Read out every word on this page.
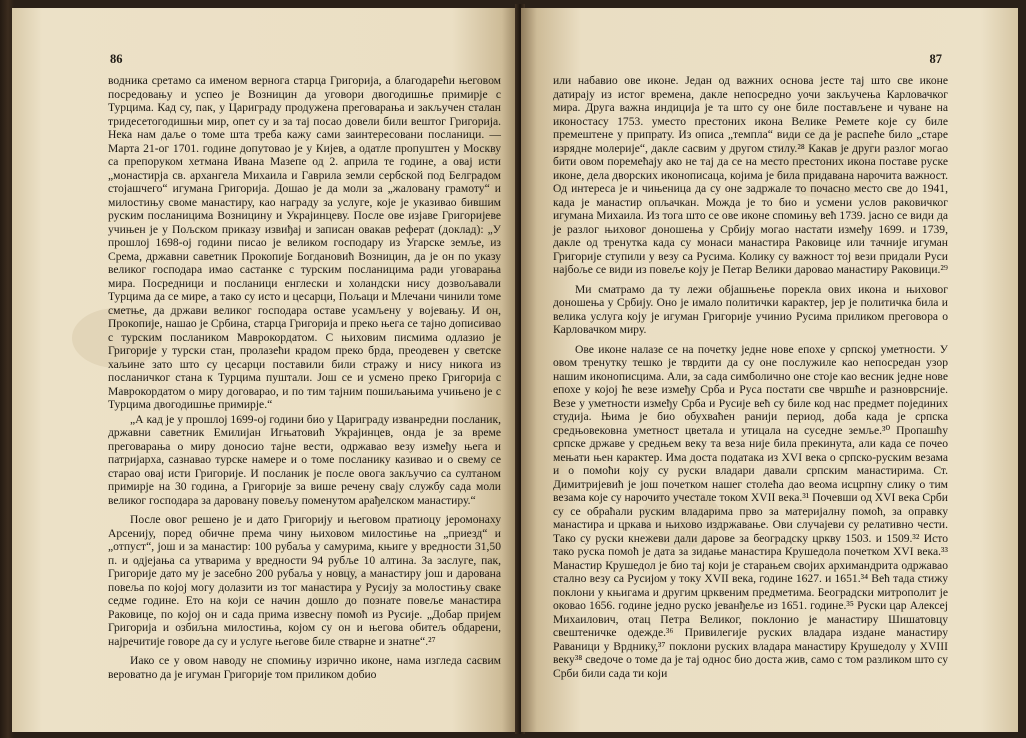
86

водника сретамо са именом верногa старца Григорија, а благодарећи његовом посредовању и успео је Возницин да уговори двогодишње примирје с Турцима. Кад су, пак, у Цариграду продужена преговарања и закључен сталан тридесетогодишњи мир, опет су и за тај посао довели били вештог Григорија. Нека нам даље о томе шта треба кажу сами заинтересовани посланици. — Марта 21-ог 1701. године допутовао је у Кијев, а одатле пропуштен у Москву са препоруком хетмана Ивана Мазепе од 2. априла те године, а овај исти „монастирја св. архангела Михаила и Гаврила земли сербской под Белградом стоjашчего“ игумана Григорија. Дошао је да моли за „жаловану грамоту“ и милостињу своме манастиру, као награду за услуге, које је указивао бившим руским посланицима Возницину и Украјинцеву. После ове изјаве Григоријеве учињен је у Пољском приказу извиђај и записан овакав реферат (доклад): „У прошлој 1698-ој години писао је великом господару из Угарске земље, из Срема, државни саветник Прокопије Богдановић Возницин, да је он по указу великог господара имао састанке с турским посланицима ради уговарања мира. Посредници и посланици енглески и холандски нису дозвољавали Турцима да се мире, а тако су исто и цесарци, Пољаци и Млечани чинили томе сметње, да држави великог господара оставе усамљену у војевању. И он, Прокопије, нашао је Србина, старца Григорија и преко њега се тајно дописивао с турским послаником Маврокордатом. С њиховим писмима одлазио је Григорије у турски стан, пролазећи кpадом преко брда, преодевен у светске хаљине зато што су цесарци поставили били стражу и нису никога из посланичког стана к Турцима пуштали. Још се и усмено преко Григорија с Маврокордатом о миру договарао, и по тим тајним пошиљањима учињено је с Турцима двогодишње примирје.“

„А кад је у прошлој 1699-ој години био у Цариграду изванредни посланик, државни саветник Емилијан Игњатовић Украјинцев, онда је за време преговарања о миру доносио тајне вести, одржавао везу између њега и патријарха, сазнавао турске намере и о томе посланику казивао и о свему се старао овај исти Григорије. И посланик је после овога закључио са султаном примирје на 30 година, а Григорије за више речену свају службу сада моли великог господара за даровану повељу поменутом арађелском манастиру.“

После овог решено је и дато Григорију и његовом пратиоцу јеромонаху Арсенију, поред обичне према чину њиховом милостиње на „приезд“ и „отпуст“, још и за манастир: 100 рубаља у самурима, књиге у вредности 31,50 п. и одјејања са утварима у вредности 94 рубље 10 алтина. За заслуге, пак, Григорије дато му је засебно 200 рубаља у новцу, а манастиру још и дарована повеља по којој могу долазити из тог манастира у Русију за молостињу сваке седме године. Ето на који се начин дошло до познате повеље манастира Раковице, по којој он и сада прима извесну помоћ из Русије. „Добар пријем Григорија и озбиљна милостиња, којом су он и његова обитељ обдарени, најречитије говоре да су и услуге његове биле стварне и знатне“.²⁷

Иако се у овом наводу не спомињу изрично иконе, нама изгледа сасвим вероватно да је игуман Григорије том приликом добио

87

или набавио ове иконе. Један од важних основа јесте тај што све иконе датирају из истог времена, дакле непосредно уочи закључења Карловачког мира. Друга важна индиција је та што су оне биле постављене и чуване на иконостасу 1753. уместо престоних икона Велике Ремете које су биле премештене у припрату. Из описа „темпла“ види се да је распеће било „старе изрядне молерије“, дакле сасвим у другом стилу.²⁸ Какав је други разлог могао бити овом поремећају ако не тај да се на место престоних икона поставе руске иконе, дела дворских иконописаца, којима је била придавана нарочита важност. Од интереса је и чињеница да су оне задржале то почасно место све до 1941, када је манастир опљачкан. Можда је то био и усмени услов раковичког игумана Михаила. Из тога што се ове иконе спомињу већ 1739. јасно се види да је разлог њиховог доношења у Србију могао настати између 1699. и 1739, дакле од тренутка када су монаси манастира Раковице или тачније игуман Григорије ступили у везу са Русима. Колику су важност тој вези придали Руси најбоље се види из повеље коју је Петар Велики даровао манастиру Раковици.²⁹

Ми сматрамо да ту лежи објашњење порекла ових икона и њиховог доношења у Србију. Оно је имало политички карактер, јер је политичка била и велика услуга коју је игуман Григорије учинио Русима приликом преговора о Карловачком миру.

Ове иконе налазе се на почетку једне нове епохе у српској уметности. У овом тренутку тешко је тврдити да су оне послужиле као непосредан узор нашим иконописцима. Али, за сада симболично оне стоје као весник једне нове епохе у којој ће везе између Срба и Руса постати све чвршће и разноврсније. Везе у уметности између Срба и Русије већ су биле код нас предмет појединих студија. Њима је био обухваћен ранији период, доба када је српска средњовековна уметност цветала и утицала на суседне земље.³⁰ Пропашћу српске државе у средњем веку та веза није била прекинута, али када се почео мењати њен карактер. Има доста података из XVI века о српско-руским везама и о помоћи коју су руски владари давали српским манастирима. Ст. Димитријевић је још почетком нашег столећа дао веома исцрпну слику о тим везама које су нарочито учестале током XVII века.³¹ Почевши од XVI века Срби су се обраћали руским владарима прво за материјалну помоћ, за оправку манастира и цркава и њихово издржавање. Ови случајеви су релативно чести. Тако су руски кнежеви дали дарове за београдску цркву 1503. и 1509.³² Исто тако руска помоћ је дата за зидање манастира Крушедола почетком XVI века.³³ Манастир Крушедол је био тај који је старањем својих архимандрита одржавао стално везу са Русијом у току XVII века, године 1627. и 1651.³⁴ Већ тада стижу поклони у књигама и другим црквеним предметима. Београдски митрополит је оковао 1656. године једно руско јеванђеље из 1651. године.³⁵ Руски цар Алексеј Михаилович, отац Петра Великог, поклонио је манастиру Шишатовцу свештеничке одежде.³⁶ Привилегије руских владара издане манастиру Раваници у Врднику,³⁷ поклони руских владара манастиру Крушедолу у XVIII веку³⁸ сведоче о томе да је тај однос био доста жив, само с том разликом што су Срби били сада ти који
